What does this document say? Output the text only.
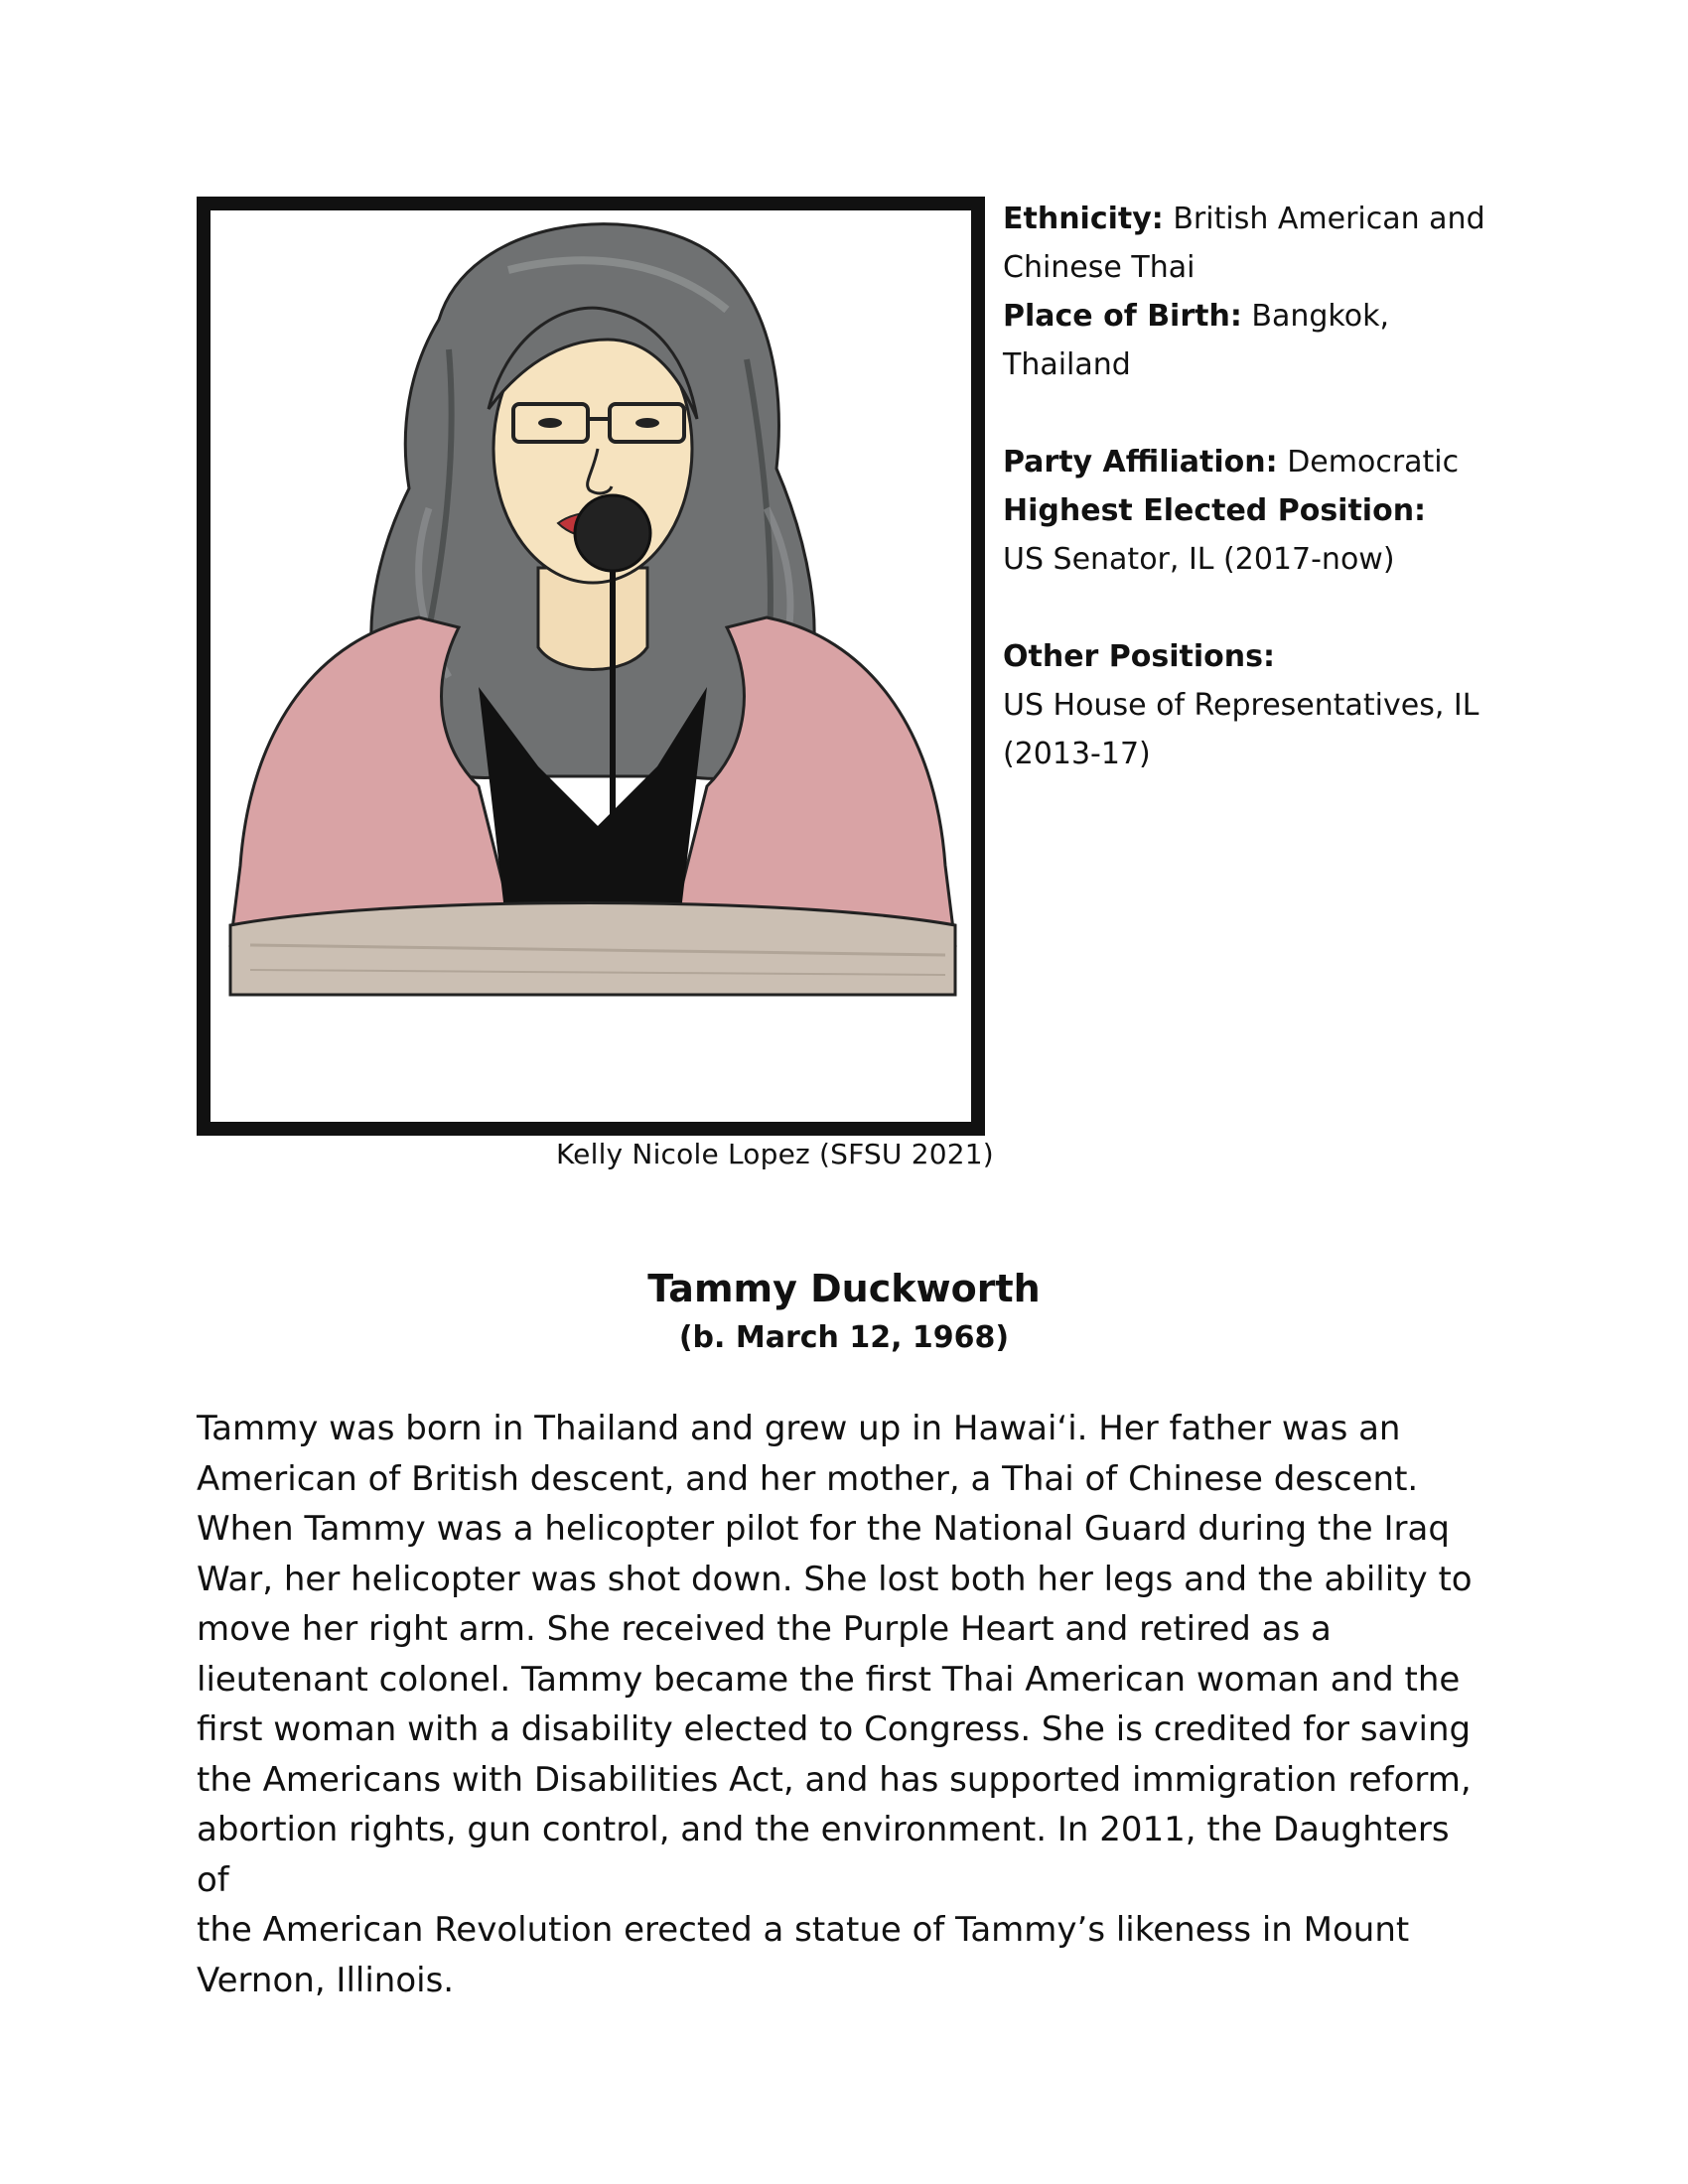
Kelly Nicole Lopez (SFSU 2021)
Ethnicity: British American and
Chinese Thai
Place of Birth: Bangkok,
Thailand
Party Affiliation: Democratic
Highest Elected Position:
US Senator, IL (2017-now)
Other Positions:
US House of Representatives, IL
(2013-17)
Tammy Duckworth
(b. March 12, 1968)
Tammy was born in Thailand and grew up in Hawai‘i. Her father was an
American of British descent, and her mother, a Thai of Chinese descent.
When Tammy was a helicopter pilot for the National Guard during the Iraq
War, her helicopter was shot down. She lost both her legs and the ability to
move her right arm. She received the Purple Heart and retired as a
lieutenant colonel. Tammy became the first Thai American woman and the
first woman with a disability elected to Congress. She is credited for saving
the Americans with Disabilities Act, and has supported immigration reform,
abortion rights, gun control, and the environment. In 2011, the Daughters of
the American Revolution erected a statue of Tammy’s likeness in Mount
Vernon, Illinois.
